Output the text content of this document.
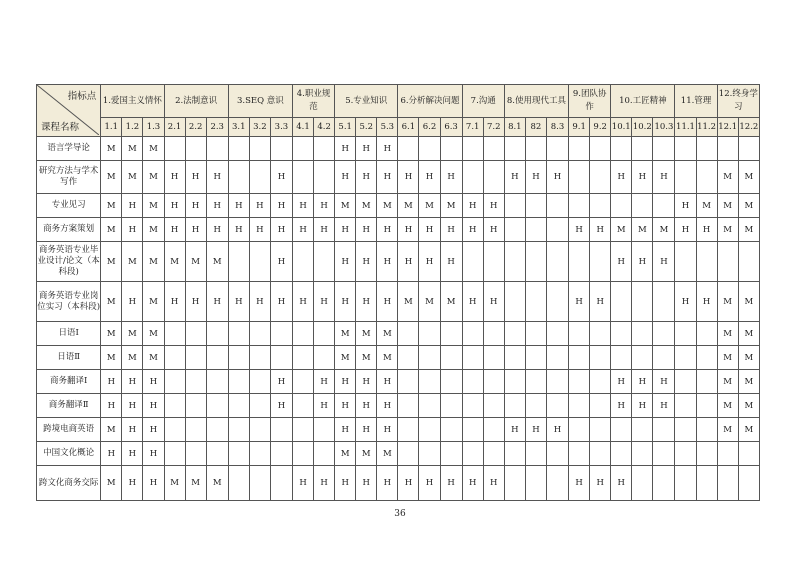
指标点
课程名称	1.爱国主义情怀			2.法制意识			3.SEQ 意识			4.职业规范		5.专业知识			6.分析解决问题			7.沟通		8.使用现代工具			9.团队协作		10.工匠精神			11.管理		12.终身学习	
	1.1	1.2	1.3	2.1	2.2	2.3	3.1	3.2	3.3	4.1	4.2	5.1	5.2	5.3	6.1	6.2	6.3	7.1	7.2	8.1	82	8.3	9.1	9.2	10.1	10.2	10.3	11.1	11.2	12.1	12.2
语言学导论	M	M	M									H	H	H																	
研究方法与学术写作	M	M	M	H	H	H			H			H	H	H	H	H	H			H	H	H			H	H	H			M	M
专业见习	M	H	M	H	H	H	H	H	H	H	H	M	M	M	M	M	M	H	H									H	M	M	M
商务方案策划	M	H	M	H	H	H	H	H	H	H	H	H	H	H	H	H	H	H	H				H	H	M	M	M	H	H	M	M
商务英语专业毕业设计/论文（本科段)	M	M	M	M	M	M			H			H	H	H	H	H	H								H	H	H				
商务英语专业岗位实习（本科段)	M	H	M	H	H	H	H	H	H	H	H	H	H	H	M	M	M	H	H				H	H				H	H	M	M
日语Ⅰ	M	M	M									M	M	M																M	M
日语Ⅱ	M	M	M									M	M	M																M	M
商务翻译Ⅰ	H	H	H						H		H	H	H	H											H	H	H			M	M
商务翻译Ⅱ	H	H	H						H		H	H	H	H											H	H	H			M	M
跨境电商英语	M	H	H									H	H	H						H	H	H								M	M
中国文化概论	H	H	H									M	M	M																	
跨文化商务交际	M	H	H	M	M	M				H	H	H	H	H	H	H	H	H	H				H	H	H						
36
